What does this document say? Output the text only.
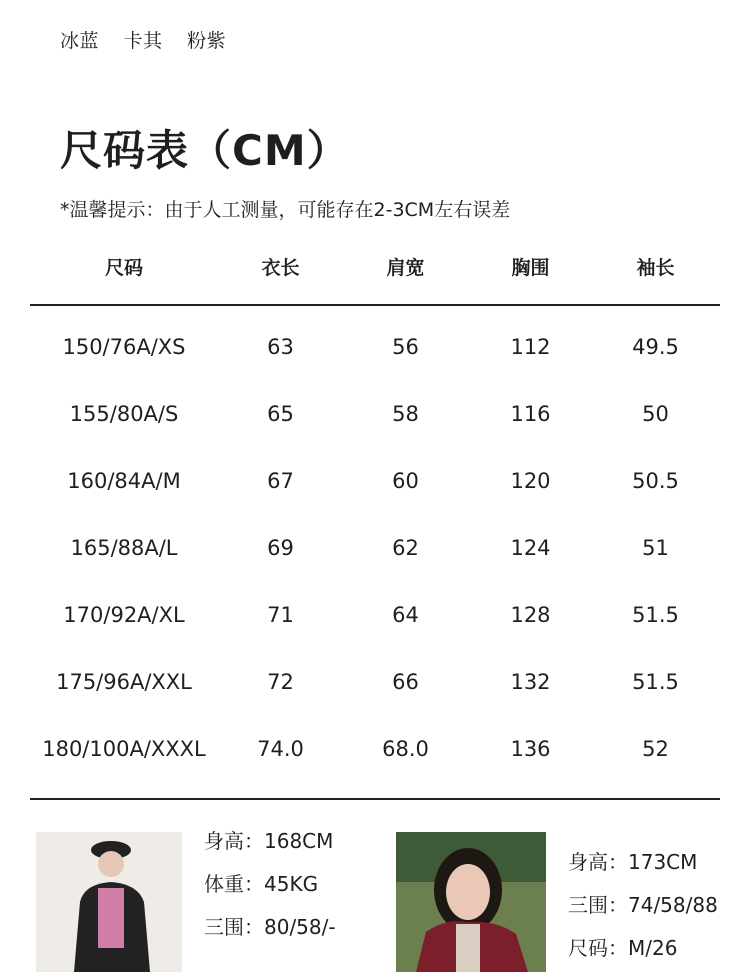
冰蓝 卡其 粉紫
尺码表（CM）
*温馨提示：由于人工测量，可能存在2-3CM左右误差
尺码	衣长	肩宽	胸围	袖长
150/76A/XS	63	56	112	49.5
155/80A/S	65	58	116	50
160/84A/M	67	60	120	50.5
165/88A/L	69	62	124	51
170/92A/XL	71	64	128	51.5
175/96A/XXL	72	66	132	51.5
180/100A/XXXL	74.0	68.0	136	52
身高：168CM
体重：45KG
三围：80/58/-
身高：173CM
三围：74/58/88
尺码：M/26
